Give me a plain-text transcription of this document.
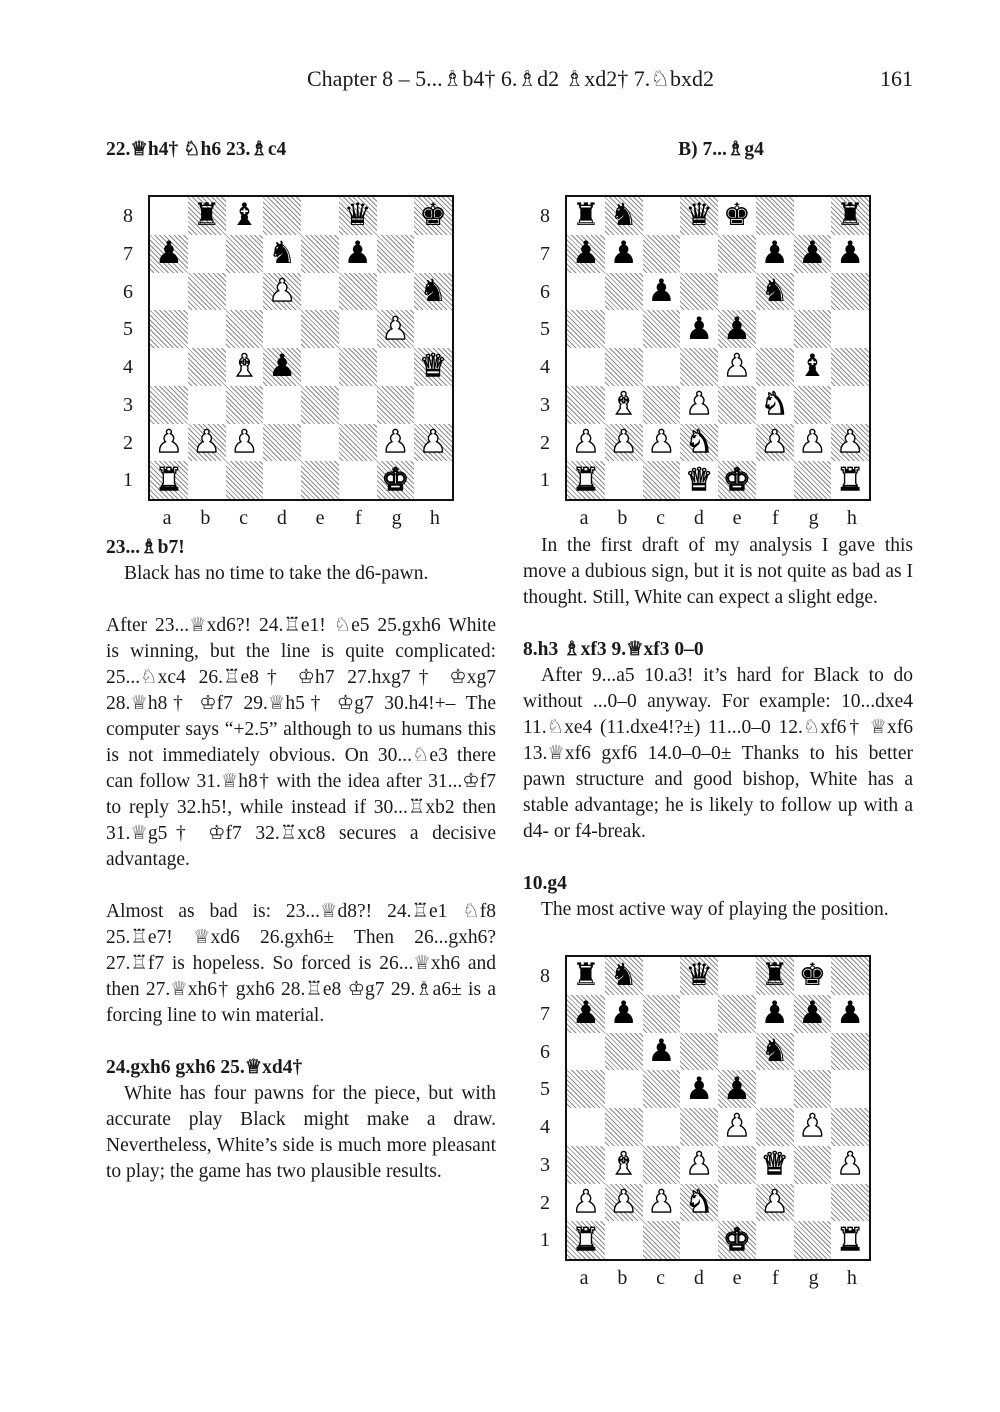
Chapter 8 – 5...♗b4† 6.♗d2 ♗xd2† 7.♘bxd2	161
22.♕h4† ♘h6 23.♗c4
8
7
6
5
4
3
2
1
♜ ♝	♛ ♚
♟	♞ ♟
♟	♞
♟
♝ ♟	♛
♟ ♟ ♟	♟ ♟
♜	♚
a	b	c	d	e	f	g	h
23...♗b7!
Black has no time to take the d6-pawn.
After 23...♕xd6?! 24.♖e1! ♘e5 25.gxh6 White is winning, but the line is quite complicated: 25...♘xc4 26.♖e8† ♔h7 27.hxg7† ♔xg7 28.♕h8† ♔f7 29.♕h5† ♔g7 30.h4!+– The computer says “+2.5” although to us humans this is not immediately obvious. On 30...♘e3 there can follow 31.♕h8† with the idea after 31...♔f7 to reply 32.h5!, while instead if 30...♖xb2 then 31.♕g5† ♔f7 32.♖xc8 secures a decisive advantage.
Almost as bad is: 23...♕d8?! 24.♖e1 ♘f8 25.♖e7! ♕xd6 26.gxh6± Then 26...gxh6? 27.♖f7 is hopeless. So forced is 26...♕xh6 and then 27.♕xh6† gxh6 28.♖e8 ♔g7 29.♗a6± is a forcing line to win material.
24.gxh6 gxh6 25.♕xd4†
White has four pawns for the piece, but with accurate play Black might make a draw. Nevertheless, White’s side is much more pleasant to play; the game has two plausible results.
B) 7...♗g4
8
7
6
5
4
3
2
1
♜ ♞ ♛ ♚	♜
♟ ♟	♟ ♟ ♟
♟	♞
♟ ♟
♟ ♝
♝ ♟ ♞
♟ ♟ ♟ ♞ ♟ ♟ ♟
♜	♛ ♚	♜
a	b	c	d	e	f	g	h
In the first draft of my analysis I gave this move a dubious sign, but it is not quite as bad as I thought. Still, White can expect a slight edge.
8.h3 ♗xf3 9.♕xf3 0–0
After 9...a5 10.a3! it’s hard for Black to do without ...0–0 anyway. For example: 10...dxe4 11.♘xe4 (11.dxe4!?±) 11...0–0 12.♘xf6† ♕xf6 13.♕xf6 gxf6 14.0–0–0± Thanks to his better pawn structure and good bishop, White has a stable advantage; he is likely to follow up with a d4- or f4-break.
10.g4
The most active way of playing the position.
8
7
6
5
4
3
2
1
♜ ♞ ♛ ♜ ♚
♟ ♟	♟ ♟ ♟
♟	♞
♟ ♟
♟ ♟
♝ ♟ ♛ ♟
♟ ♟ ♟ ♞ ♟
♜	♚	♜
a	b	c	d	e	f	g	h
